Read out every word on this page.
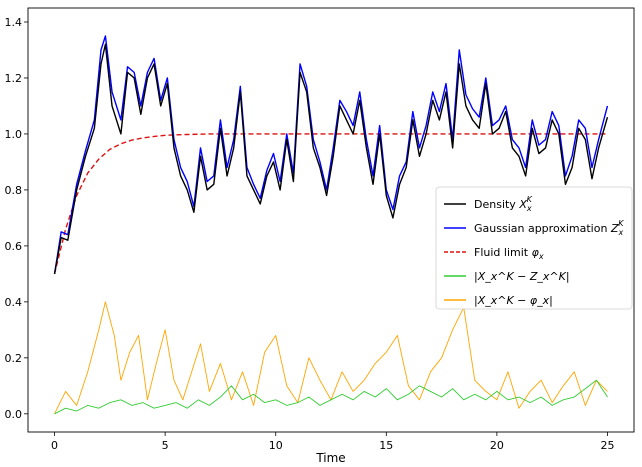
0	5	10	15	20	25
0.0
0.2
0.4
0.6
0.8
1.0
1.2
1.4
Time
Density $X_xK$
Gaussian approximation $Z_xK$
Fluid limit $\varphi_x$
|X_x^K − Z_x^K|
|X_x^K − φ_x|
